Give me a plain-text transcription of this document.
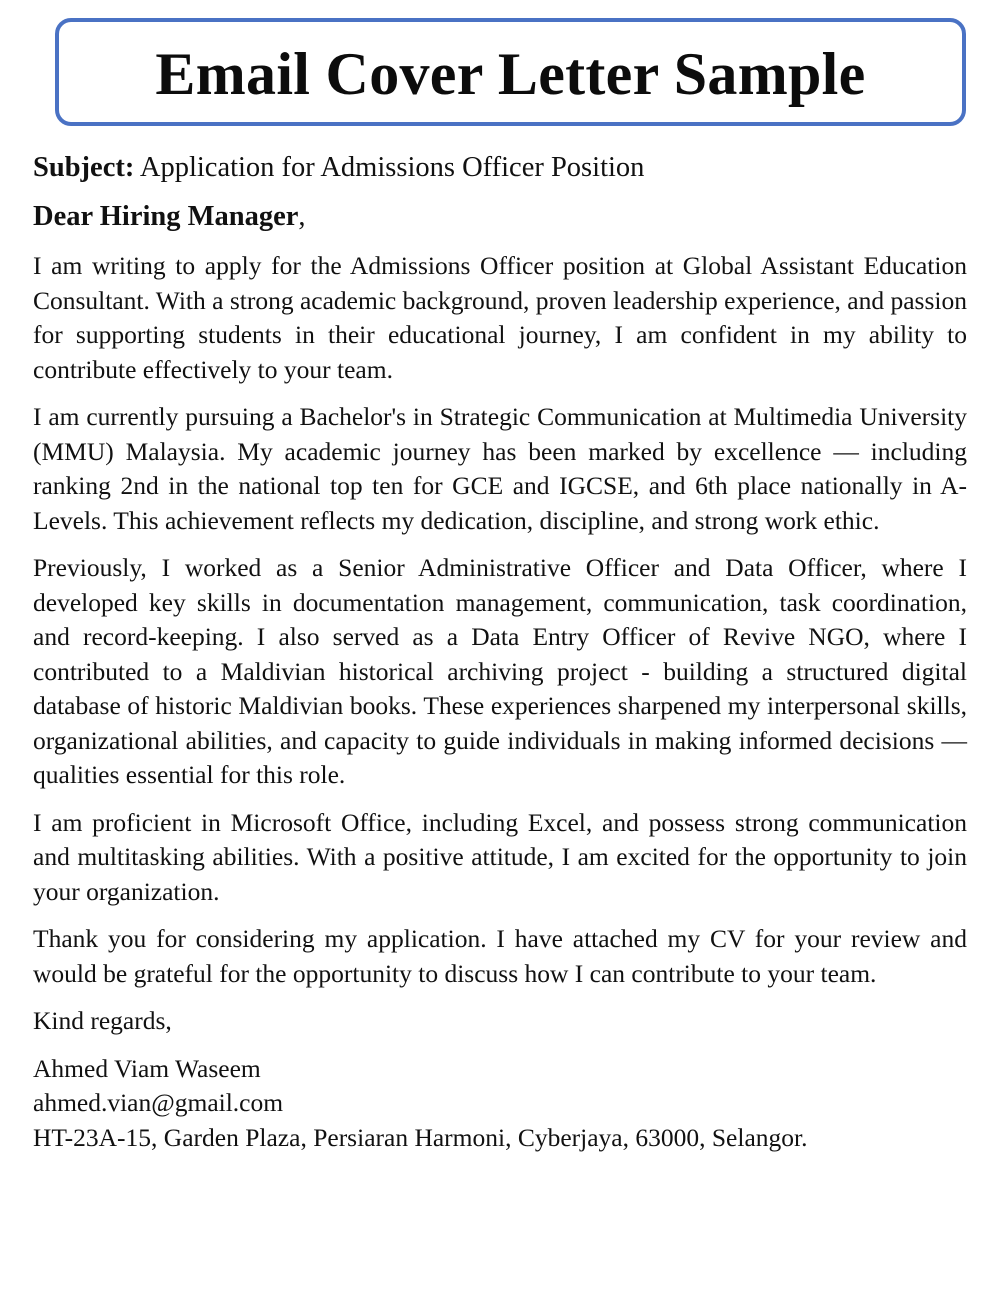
Email Cover Letter Sample

Subject: Application for Admissions Officer Position

Dear Hiring Manager,

I am writing to apply for the Admissions Officer position at Global Assistant Education Consultant. With a strong academic background, proven leadership experience, and passion for supporting students in their educational journey, I am confident in my ability to contribute effectively to your team.

I am currently pursuing a Bachelor's in Strategic Communication at Multimedia University (MMU) Malaysia. My academic journey has been marked by excellence — including ranking 2nd in the national top ten for GCE and IGCSE, and 6th place nationally in A-Levels. This achievement reflects my dedication, discipline, and strong work ethic.

Previously, I worked as a Senior Administrative Officer and Data Officer, where I developed key skills in documentation management, communication, task coordination, and record-keeping. I also served as a Data Entry Officer of Revive NGO, where I contributed to a Maldivian historical archiving project - building a structured digital database of historic Maldivian books. These experiences sharpened my interpersonal skills, organizational abilities, and capacity to guide individuals in making informed decisions — qualities essential for this role.

I am proficient in Microsoft Office, including Excel, and possess strong communication and multitasking abilities. With a positive attitude, I am excited for the opportunity to join your organization.

Thank you for considering my application. I have attached my CV for your review and would be grateful for the opportunity to discuss how I can contribute to your team.

Kind regards,

Ahmed Viam Waseem

ahmed.vian@gmail.com

HT-23A-15, Garden Plaza, Persiaran Harmoni, Cyberjaya, 63000, Selangor.
